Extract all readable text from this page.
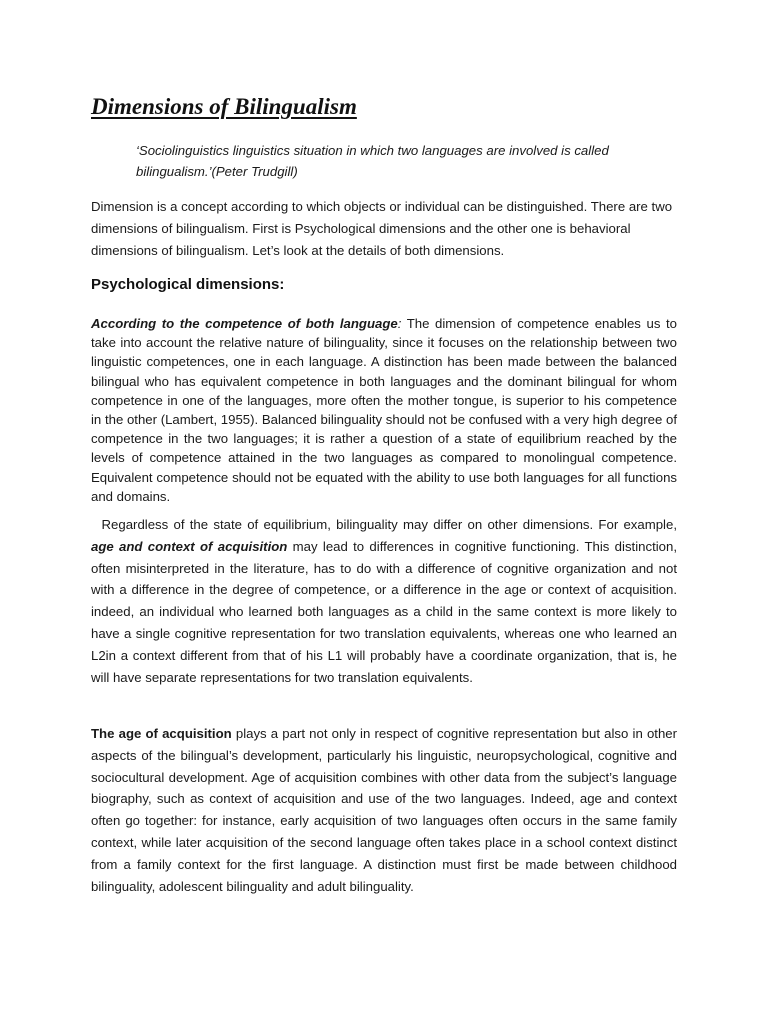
Dimensions of Bilingualism

‘Sociolinguistics linguistics situation in which two languages are involved is called bilingualism.’(Peter Trudgill)

Dimension is a concept according to which objects or individual can be distinguished. There are two dimensions of bilingualism. First is Psychological dimensions and the other one is behavioral dimensions of bilingualism. Let’s look at the details of both dimensions.

Psychological dimensions:

According to the competence of both language: The dimension of competence enables us to take into account the relative nature of bilinguality, since it focuses on the relationship between two linguistic competences, one in each language. A distinction has been made between the balanced bilingual who has equivalent competence in both languages and the dominant bilingual for whom competence in one of the languages, more often the mother tongue, is superior to his competence in the other (Lambert, 1955). Balanced bilinguality should not be confused with a very high degree of competence in the two languages; it is rather a question of a state of equilibrium reached by the levels of competence attained in the two languages as compared to monolingual competence. Equivalent competence should not be equated with the ability to use both languages for all functions and domains.

Regardless of the state of equilibrium, bilinguality may differ on other dimensions. For example, age and context of acquisition may lead to differences in cognitive functioning. This distinction, often misinterpreted in the literature, has to do with a difference of cognitive organization and not with a difference in the degree of competence, or a difference in the age or context of acquisition. indeed, an individual who learned both languages as a child in the same context is more likely to have a single cognitive representation for two translation equivalents, whereas one who learned an L2in a context different from that of his L1 will probably have a coordinate organization, that is, he will have separate representations for two translation equivalents.

The age of acquisition plays a part not only in respect of cognitive representation but also in other aspects of the bilingual’s development, particularly his linguistic, neuropsychological, cognitive and sociocultural development. Age of acquisition combines with other data from the subject’s language biography, such as context of acquisition and use of the two languages. Indeed, age and context often go together: for instance, early acquisition of two languages often occurs in the same family context, while later acquisition of the second language often takes place in a school context distinct from a family context for the first language. A distinction must first be made between childhood bilinguality, adolescent bilinguality and adult bilinguality.
